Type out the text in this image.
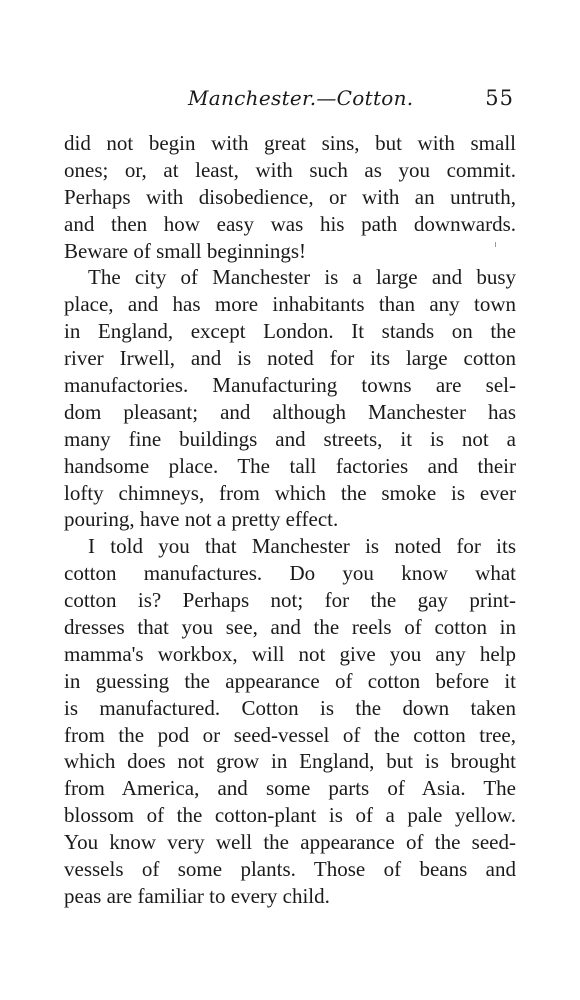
Manchester.—Cotton.	55
did not begin with great sins, but with small
ones; or, at least, with such as you commit.
Perhaps with disobedience, or with an untruth,
and then how easy was his path downwards.
Beware of small beginnings!
The city of Manchester is a large and busy
place, and has more inhabitants than any town
in England, except London. It stands on the
river Irwell, and is noted for its large cotton
manufactories. Manufacturing towns are sel-
dom pleasant; and although Manchester has
many fine buildings and streets, it is not a
handsome place. The tall factories and their
lofty chimneys, from which the smoke is ever
pouring, have not a pretty effect.
I told you that Manchester is noted for its
cotton manufactures. Do you know what
cotton is? Perhaps not; for the gay print-
dresses that you see, and the reels of cotton in
mamma's workbox, will not give you any help
in guessing the appearance of cotton before it
is manufactured. Cotton is the down taken
from the pod or seed-vessel of the cotton tree,
which does not grow in England, but is brought
from America, and some parts of Asia. The
blossom of the cotton-plant is of a pale yellow.
You know very well the appearance of the seed-
vessels of some plants. Those of beans and
peas are familiar to every child.
